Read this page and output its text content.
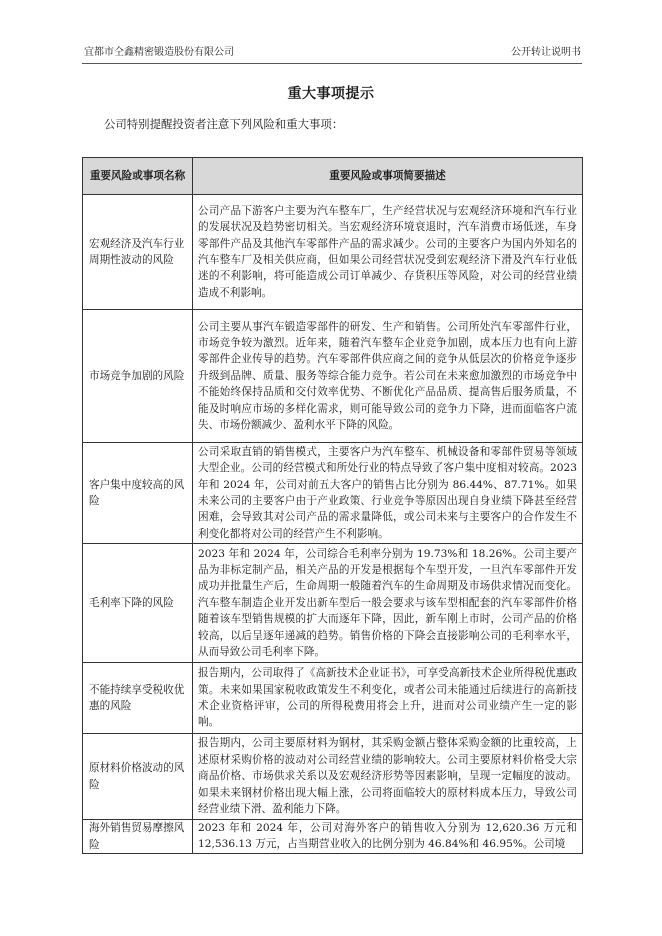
宜都市仝鑫精密锻造股份有限公司	公开转让说明书
重大事项提示
公司特别提醒投资者注意下列风险和重大事项：
重要风险或事项名称	重要风险或事项简要描述
宏观经济及汽车行业周期性波动的风险	公司产品下游客户主要为汽车整车厂，生产经营状况与宏观经济环境和汽车行业的发展状况及趋势密切相关。当宏观经济环境衰退时，汽车消费市场低迷，车身零部件产品及其他汽车零部件产品的需求减少。公司的主要客户为国内外知名的汽车整车厂及相关供应商，但如果公司经营状况受到宏观经济下滑及汽车行业低迷的不利影响，将可能造成公司订单减少、存货积压等风险，对公司的经营业绩造成不利影响。
市场竞争加剧的风险	公司主要从事汽车锻造零部件的研发、生产和销售。公司所处汽车零部件行业，市场竞争较为激烈。近年来，随着汽车整车企业竞争加剧，成本压力也有向上游零部件企业传导的趋势。汽车零部件供应商之间的竞争从低层次的价格竞争逐步升级到品牌、质量、服务等综合能力竞争。若公司在未来愈加激烈的市场竞争中不能始终保持品质和交付效率优势、不断优化产品品质、提高售后服务质量，不能及时响应市场的多样化需求，则可能导致公司的竞争力下降，进而面临客户流失、市场份额减少、盈利水平下降的风险。
客户集中度较高的风险	公司采取直销的销售模式，主要客户为汽车整车、机械设备和零部件贸易等领域大型企业。公司的经营模式和所处行业的特点导致了客户集中度相对较高。2023 年和 2024 年，公司对前五大客户的销售占比分别为 86.44%、87.71%。如果未来公司的主要客户由于产业政策、行业竞争等原因出现自身业绩下降甚至经营困难，会导致其对公司产品的需求量降低，或公司未来与主要客户的合作发生不利变化都将对公司的经营产生不利影响。
毛利率下降的风险	2023 年和 2024 年，公司综合毛利率分别为 19.73%和 18.26%。公司主要产品为非标定制产品，相关产品的开发是根据每个车型开发，一旦汽车零部件开发成功并批量生产后，生命周期一般随着汽车的生命周期及市场供求情况而变化。汽车整车制造企业开发出新车型后一般会要求与该车型相配套的汽车零部件价格随着该车型销售规模的扩大而逐年下降，因此，新车刚上市时，公司产品的价格较高，以后呈逐年递减的趋势。销售价格的下降会直接影响公司的毛利率水平，从而导致公司毛利率下降。
不能持续享受税收优惠的风险	报告期内，公司取得了《高新技术企业证书》，可享受高新技术企业所得税优惠政策。未来如果国家税收政策发生不利变化，或者公司未能通过后续进行的高新技术企业资格评审，公司的所得税费用将会上升，进而对公司业绩产生一定的影响。
原材料价格波动的风险	报告期内，公司主要原材料为钢材，其采购金额占整体采购金额的比重较高，上述原材采购价格的波动对公司经营业绩的影响较大。公司主要原材料价格受大宗商品价格、市场供求关系以及宏观经济形势等因素影响，呈现一定幅度的波动。如果未来钢材价格出现大幅上涨，公司将面临较大的原材料成本压力，导致公司经营业绩下滑、盈利能力下降。
海外销售贸易摩擦风险	2023 年和 2024 年，公司对海外客户的销售收入分别为 12,620.36 万元和 12,536.13 万元，占当期营业收入的比例分别为 46.84%和 46.95%。公司境
